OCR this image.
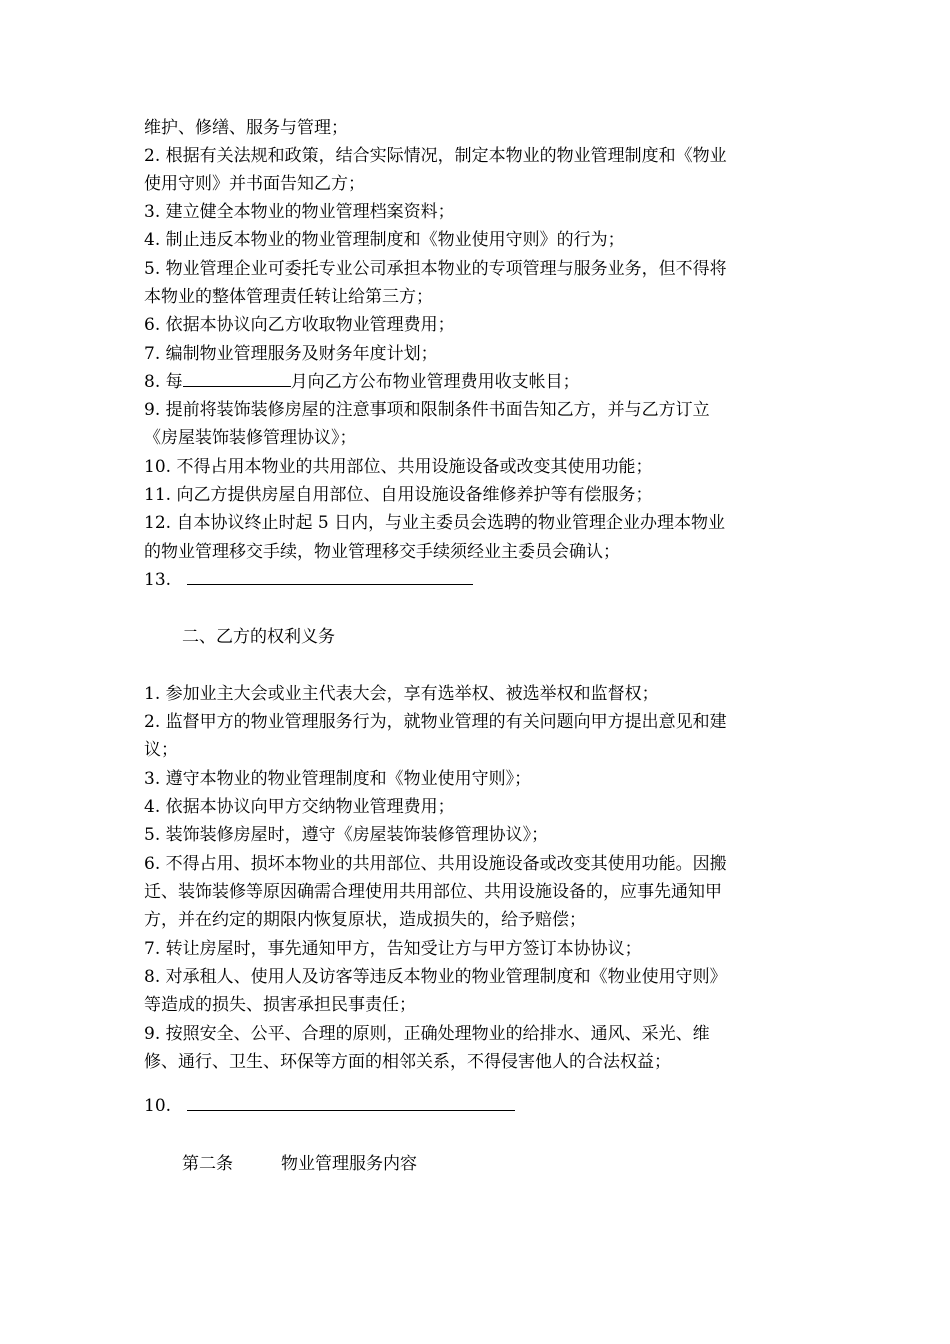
维护、修缮、服务与管理；
2. 根据有关法规和政策，结合实际情况，制定本物业的物业管理制度和《物业
使用守则》并书面告知乙方；
3. 建立健全本物业的物业管理档案资料；
4. 制止违反本物业的物业管理制度和《物业使用守则》的行为；
5. 物业管理企业可委托专业公司承担本物业的专项管理与服务业务，但不得将
本物业的整体管理责任转让给第三方；
6. 依据本协议向乙方收取物业管理费用；
7. 编制物业管理服务及财务年度计划；
8. 每	月向乙方公布物业管理费用收支帐目；
9. 提前将装饰装修房屋的注意事项和限制条件书面告知乙方，并与乙方订立
《房屋装饰装修管理协议》；
10. 不得占用本物业的共用部位、共用设施设备或改变其使用功能；
11. 向乙方提供房屋自用部位、自用设施设备维修养护等有偿服务；
12. 自本协议终止时起 5 日内，与业主委员会选聘的物业管理企业办理本物业
的物业管理移交手续，物业管理移交手续须经业主委员会确认；
13.
二、乙方的权利义务
1. 参加业主大会或业主代表大会，享有选举权、被选举权和监督权；
2. 监督甲方的物业管理服务行为，就物业管理的有关问题向甲方提出意见和建
议；
3. 遵守本物业的物业管理制度和《物业使用守则》；
4. 依据本协议向甲方交纳物业管理费用；
5. 装饰装修房屋时，遵守《房屋装饰装修管理协议》；
6. 不得占用、损坏本物业的共用部位、共用设施设备或改变其使用功能。因搬
迁、装饰装修等原因确需合理使用共用部位、共用设施设备的，应事先通知甲
方，并在约定的期限内恢复原状，造成损失的，给予赔偿；
7. 转让房屋时，事先通知甲方，告知受让方与甲方签订本协协议；
8. 对承租人、使用人及访客等违反本物业的物业管理制度和《物业使用守则》
等造成的损失、损害承担民事责任；
9. 按照安全、公平、合理的原则，正确处理物业的给排水、通风、采光、维
修、通行、卫生、环保等方面的相邻关系，不得侵害他人的合法权益；
10.
第二条	物业管理服务内容
